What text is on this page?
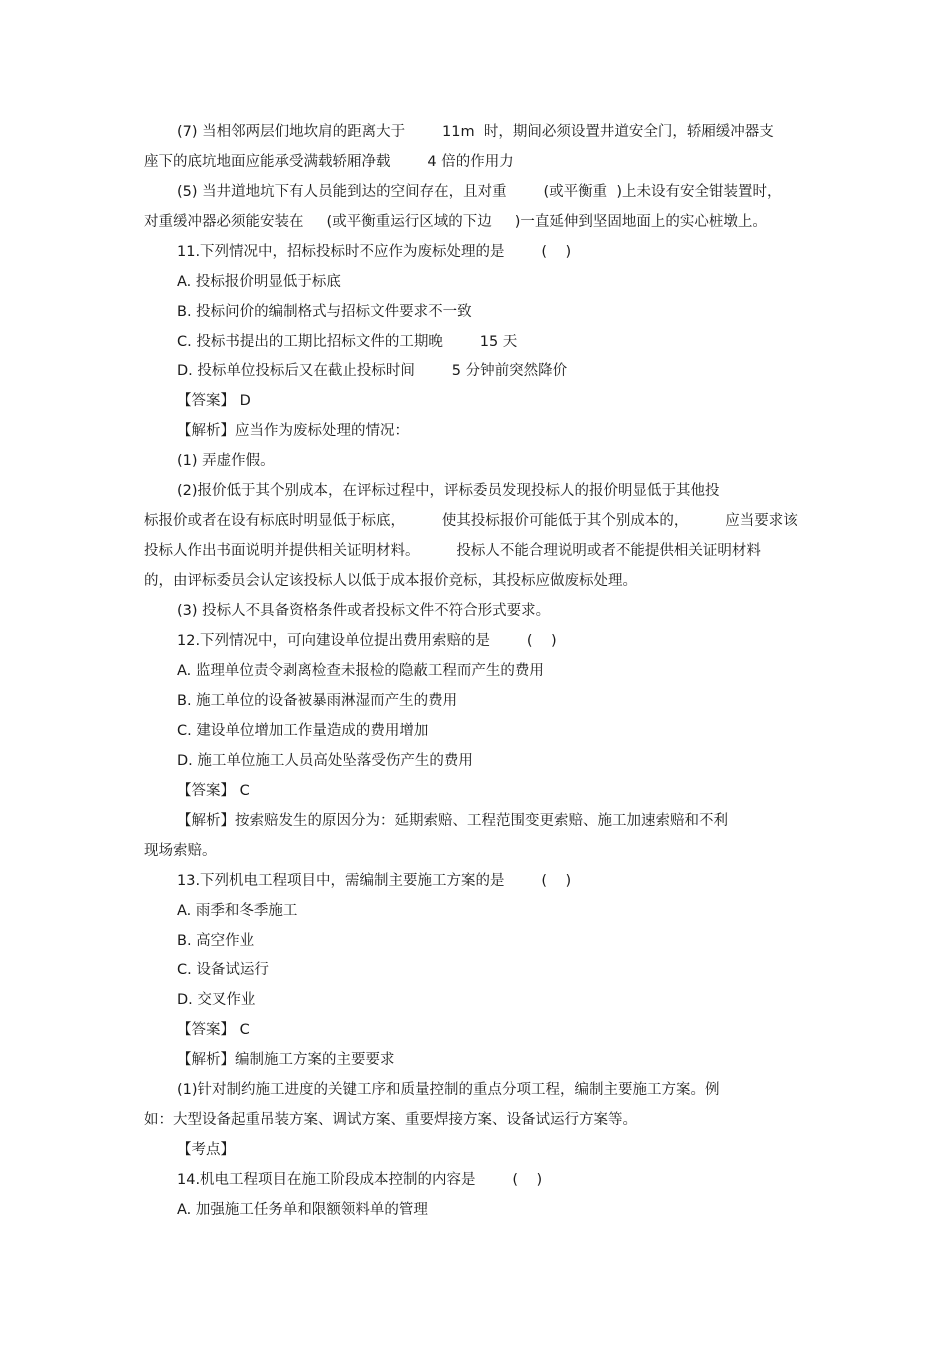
(7) 当相邻两层们地坎肩的距离大于        11m  时，期间必须设置井道安全门，轿厢缓冲器支
座下的底坑地面应能承受满载轿厢净载        4 倍的作用力
(5) 当井道地坑下有人员能到达的空间存在，且对重        (或平衡重  )上未设有安全钳装置时，
对重缓冲器必须能安装在     (或平衡重运行区域的下边     )一直延伸到坚固地面上的实心桩墩上。
11.下列情况中，招标投标时不应作为废标处理的是        (    )
A. 投标报价明显低于标底
B. 投标问价的编制格式与招标文件要求不一致
C. 投标书提出的工期比招标文件的工期晚        15 天
D. 投标单位投标后又在截止投标时间        5 分钟前突然降价
【答案】 D
【解析】应当作为废标处理的情况：
(1) 弄虚作假。
(2)报价低于其个别成本，在评标过程中，评标委员发现投标人的报价明显低于其他投
标报价或者在设有标底时明显低于标底，        使其投标报价可能低于其个别成本的，        应当要求该
投标人作出书面说明并提供相关证明材料。        投标人不能合理说明或者不能提供相关证明材料
的，由评标委员会认定该投标人以低于成本报价竞标，其投标应做废标处理。
(3) 投标人不具备资格条件或者投标文件不符合形式要求。
12.下列情况中，可向建设单位提出费用索赔的是        (    )
A. 监理单位责令剥离检查未报检的隐蔽工程而产生的费用
B. 施工单位的设备被暴雨淋湿而产生的费用
C. 建设单位增加工作量造成的费用增加
D. 施工单位施工人员高处坠落受伤产生的费用
【答案】 C
【解析】按索赔发生的原因分为：延期索赔、工程范围变更索赔、施工加速索赔和不利
现场索赔。
13.下列机电工程项目中，需编制主要施工方案的是        (    )
A. 雨季和冬季施工
B. 高空作业
C. 设备试运行
D. 交叉作业
【答案】 C
【解析】编制施工方案的主要要求
(1)针对制约施工进度的关键工序和质量控制的重点分项工程，编制主要施工方案。例
如：大型设备起重吊装方案、调试方案、重要焊接方案、设备试运行方案等。
【考点】
14.机电工程项目在施工阶段成本控制的内容是        (    )
A. 加强施工任务单和限额领料单的管理
